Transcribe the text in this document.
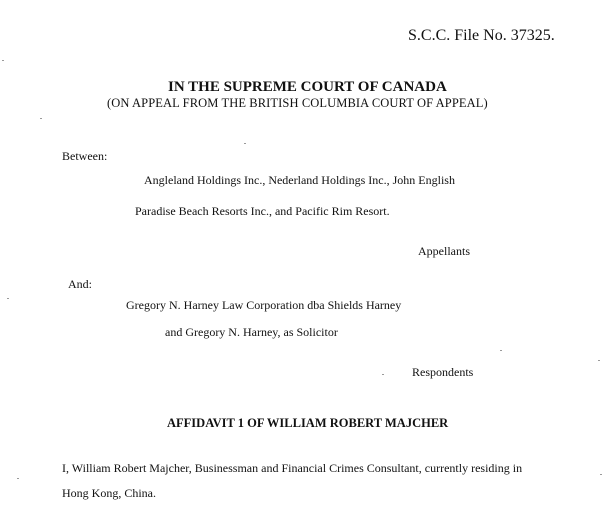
S.C.C. File No. 37325.
IN THE SUPREME COURT OF CANADA
(ON APPEAL FROM THE BRITISH COLUMBIA COURT OF APPEAL)
Between:
Angleland Holdings Inc., Nederland Holdings Inc., John English
Paradise Beach Resorts Inc., and Pacific Rim Resort.
Appellants
And:
Gregory N. Harney Law Corporation dba Shields Harney
and Gregory N. Harney, as Solicitor
Respondents
AFFIDAVIT 1 OF WILLIAM ROBERT MAJCHER
I, William Robert Majcher, Businessman and Financial Crimes Consultant, currently residing in
Hong Kong, China.
